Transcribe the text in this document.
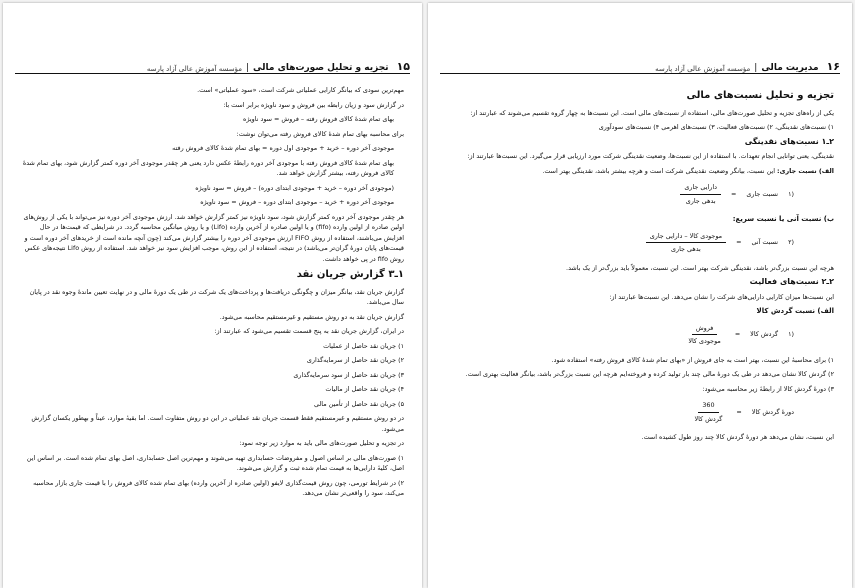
۱۵
تجزیه و تحلیل صورت‌های مالی
|
مؤسسه آموزش عالی آزاد پارسه

مهم‌ترین سودی که بیانگر کارایی عملیاتی شرکت است، «سود عملیاتی» است.

در گزارش سود و زیان رابطه بین فروش و سود ناویژه برابر است با:

بهای تمام شدهٔ کالای فروش رفته – فروش = سود ناویژه

برای محاسبه بهای تمام شدهٔ کالای فروش رفته می‌توان نوشت:

موجودی آخر دوره – خرید + موجودی اول دوره = بهای تمام شدهٔ کالای فروش رفته

بهای تمام شدهٔ کالای فروش رفته با موجودی آخر دوره رابطهٔ عکس دارد یعنی هر چقدر موجودی آخر دوره کمتر گزارش شود، بهای تمام شدهٔ کالای فروش رفته، بیشتر گزارش خواهد شد.

(موجودی آخر دوره – خرید + موجودی ابتدای دوره) – فروش = سود ناویژه

موجودی آخر دوره + خرید – موجودی ابتدای دوره – فروش = سود ناویژه

هر چقدر موجودی آخر دوره کمتر گزارش شود، سود ناویژه نیز کمتر گزارش خواهد شد. ارزش موجودی آخر دوره نیز می‌تواند با یکی از روش‌های اولین صادره از اولین وارده (fifo) و یا اولین صادره از آخرین وارده (Lifo) و یا روش میانگین محاسبه گردد. در شرایطی که قیمت‌ها در حال افزایش می‌باشند، استفاده از روش FIFO ارزش موجودی آخر دوره را بیشتر گزارش می‌کند (چون آنچه مانده است از خریدهای آخر دوره است و قیمت‌های پایان دورهٔ گران‌تر می‌باشد) در نتیجه، استفاده از این روش، موجب افزایش سود نیز خواهد شد. استفاده از روش Lifo نتیجه‌های عکس روش fifo در پی خواهد داشت.

۱ـ۳ گزارش جریان نقد

گزارش جریان نقد، بیانگر میزان و چگونگی دریافت‌ها و پرداخت‌های یک شرکت در طی یک دورهٔ مالی و در نهایت تعیین ماندهٔ وجوه نقد در پایان سال می‌باشد.

گزارش جریان نقد به دو روش مستقیم و غیرمستقیم محاسبه می‌شود.

در ایران، گزارش جریان نقد به پنج قسمت تقسیم می‌شود که عبارتند از:

۱) جریان نقد حاصل از عملیات

۲) جریان نقد حاصل از سرمایه‌گذاری

۳) جریان نقد حاصل از سود سرمایه‌گذاری

۴) جریان نقد حاصل از مالیات

۵) جریان نقد حاصل از تأمین مالی

در دو روش مستقیم و غیرمستقیم فقط قسمت جریان نقد عملیاتی در این دو روش متفاوت است. اما بقیهٔ موارد، عیناً و بهطور یکسان گزارش می‌شود.

در تجزیه و تحلیل صورت‌های مالی باید به موارد زیر توجه نمود:

۱) صورت‌های مالی بر اساس اصول و مفروضات حسابداری تهیه می‌شوند و مهم‌ترین اصل حسابداری، اصل بهای تمام شده است. بر اساس این اصل، کلیهٔ دارایی‌ها به قیمت تمام شده ثبت و گزارش می‌شوند.

۲) در شرایط تورمی، چون روش قیمت‌گذاری لایفو (اولین صادره از آخرین وارده) بهای تمام شده کالای فروش را با قیمت جاری بازار محاسبه می‌کند، سود را واقعی‌تر نشان می‌دهد.

۱۶
مدیریت مالی
|
مؤسسه آموزش عالی آزاد پارسه
تجزیه و تحلیل نسبت‌های مالی

یکی از راه‌های تجزیه و تحلیل صورت‌های مالی، استفاده از نسبت‌های مالی است. این نسبت‌ها به چهار گروه تقسیم می‌شوند که عبارتند از:

۱) نسبت‌های نقدینگی، ۲) نسبت‌های فعالیت، ۳) نسبت‌های اهرمی ۴) نسبت‌های سودآوری

۲ـ۱ نسبت‌های نقدینگی

نقدینگی، یعنی توانایی انجام تعهدات. با استفاده از این نسبت‌ها، وضعیت نقدینگی شرکت مورد ارزیابی قرار می‌گیرد. این نسبت‌ها عبارتند از:

الف) نسبت جاری: این نسبت، بیانگر وضعیت نقدینگی شرکت است و هرچه بیشتر باشد، نقدینگی بهتر است.

(۱
نسبت جاری
=
$\frac{\text{دارایی جاری}}{\text{بدهی جاری}}$
ب) نسبت آنی یا نسبت سریع:
(۲
نسبت آنی
=
$\frac{\text{موجودی کالا – دارایی جاری}}{\text{بدهی جاری}}$

هرچه این نسبت بزرگ‌تر باشد، نقدینگی شرکت بهتر است. این نسبت، معمولاً باید بزرگ‌تر از یک باشد.

۲ـ۲ نسبت‌های فعالیت

این نسبت‌ها میزان کارایی دارایی‌های شرکت را نشان می‌دهد. این نسبت‌ها عبارتند از:

الف) نسبت گردش کالا
(۱
گردش کالا
=
$\frac{\text{فروش}}{\text{موجودی کالا}}$

۱) برای محاسبهٔ این نسبت، بهتر است به جای فروش از «بهای تمام شدهٔ کالای فروش رفته» استفاده شود.

۲) گردش کالا نشان می‌دهد در طی یک دورهٔ مالی چند بار تولید کرده و فروخته‌ایم هرچه این نسبت بزرگ‌تر باشد، بیانگر فعالیت بهتری است.

۳) دورهٔ گردش کالا از رابطهٔ زیر محاسبه می‌شود:

دورهٔ گردش کالا
=
$\frac{360}{\text{گردش کالا}}$

این نسبت، نشان می‌دهد هر دورهٔ گردش کالا چند روز طول کشیده است.
